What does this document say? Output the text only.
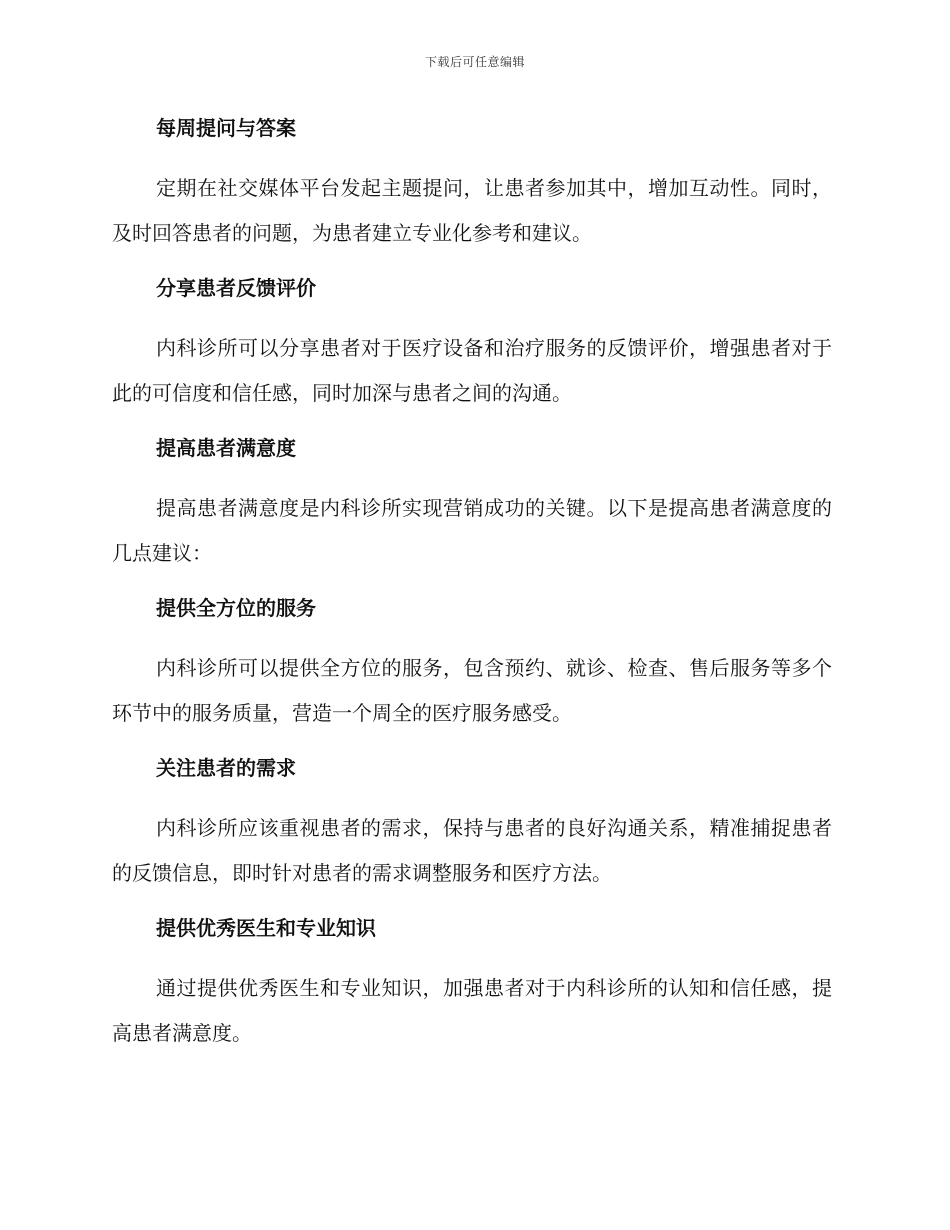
下载后可任意编辑
每周提问与答案

定期在社交媒体平台发起主题提问，让患者参加其中，增加互动性。同时，及时回答患者的问题，为患者建立专业化参考和建议。

分享患者反馈评价

内科诊所可以分享患者对于医疗设备和治疗服务的反馈评价，增强患者对于此的可信度和信任感，同时加深与患者之间的沟通。

提高患者满意度

提高患者满意度是内科诊所实现营销成功的关键。以下是提高患者满意度的几点建议：

提供全方位的服务

内科诊所可以提供全方位的服务，包含预约、就诊、检查、售后服务等多个环节中的服务质量，营造一个周全的医疗服务感受。

关注患者的需求

内科诊所应该重视患者的需求，保持与患者的良好沟通关系，精准捕捉患者的反馈信息，即时针对患者的需求调整服务和医疗方法。

提供优秀医生和专业知识

通过提供优秀医生和专业知识，加强患者对于内科诊所的认知和信任感，提高患者满意度。
